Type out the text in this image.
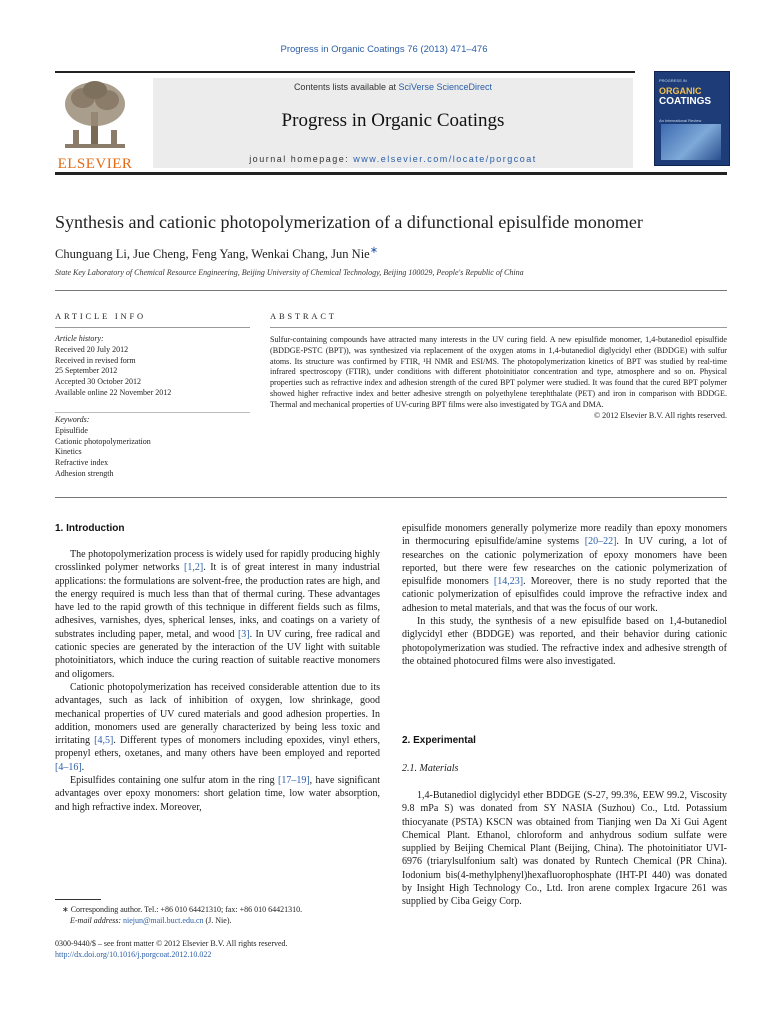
Progress in Organic Coatings 76 (2013) 471–476
ELSEVIER
Contents lists available at SciVerse ScienceDirect
Progress in Organic Coatings
journal homepage: www.elsevier.com/locate/porgcoat
PROGRESS IN
ORGANIC
COATINGS
An International Review
Synthesis and cationic photopolymerization of a difunctional episulfide monomer
Chunguang Li, Jue Cheng, Feng Yang, Wenkai Chang, Jun Nie∗
State Key Laboratory of Chemical Resource Engineering, Beijing University of Chemical Technology, Beijing 100029, People's Republic of China
ARTICLE INFO	ABSTRACT
Article history:
Received 20 July 2012
Received in revised form
25 September 2012
Accepted 30 October 2012
Available online 22 November 2012
Keywords:
Episulfide
Cationic photopolymerization
Kinetics
Refractive index
Adhesion strength
Sulfur-containing compounds have attracted many interests in the UV curing field. A new episulfide monomer, 1,4-butanediol episulfide (BDDGE-PSTC (BPT)), was synthesized via replacement of the oxygen atoms in 1,4-butanediol diglycidyl ether (BDDGE) with sulfur atoms. Its structure was confirmed by FTIR, ¹H NMR and ESI/MS. The photopolymerization kinetics of BPT was studied by real-time infrared spectroscopy (FTIR), under conditions with different photoinitiator concentration and type, atmosphere and so on. Physical properties such as refractive index and adhesion strength of the cured BPT polymer were studied. It was found that the cured BPT polymer showed higher refractive index and better adhesive strength on polyethylene terephthalate (PET) and iron in comparison with BDDGE. Thermal and mechanical properties of UV-curing BPT films were also investigated by TGA and DMA.
© 2012 Elsevier B.V. All rights reserved.
1. Introduction

The photopolymerization process is widely used for rapidly producing highly crosslinked polymer networks [1,2]. It is of great interest in many industrial applications: the formulations are solvent-free, the production rates are high, and the energy required is much less than that of thermal curing. These advantages have led to the rapid growth of this technique in different fields such as films, adhesives, varnishes, dyes, spherical lenses, inks, and coatings on a variety of substrates including paper, metal, and wood [3]. In UV curing, free radical and cationic species are generated by the interaction of the UV light with suitable photoinitiators, which induce the curing reaction of suitable reactive monomers and oligomers.

Cationic photopolymerization has received considerable attention due to its advantages, such as lack of inhibition of oxygen, low shrinkage, good mechanical properties of UV cured materials and good adhesion properties. In addition, monomers used are generally characterized by being less toxic and irritating [4,5]. Different types of monomers including epoxides, vinyl ethers, propenyl ethers, oxetanes, and many others have been employed and reported [4–16].

Episulfides containing one sulfur atom in the ring [17–19], have significant advantages over epoxy monomers: short gelation time, low water absorption, and high refractive index. Moreover,

episulfide monomers generally polymerize more readily than epoxy monomers in thermocuring episulfide/amine systems [20–22]. In UV curing, a lot of researches on the cationic polymerization of epoxy monomers have been reported, but there were few researches on the cationic polymerization of episulfide monomers [14,23]. Moreover, there is no study reported that the cationic polymerization of episulfides could improve the refractive index and adhesion to metal materials, and that was the focus of our work.

In this study, the synthesis of a new episulfide based on 1,4-butanediol diglycidyl ether (BDDGE) was reported, and their behavior during cationic photopolymerization was studied. The refractive index and adhesive strength of the obtained photocured films were also investigated.

2. Experimental
2.1. Materials

1,4-Butanediol diglycidyl ether BDDGE (S-27, 99.3%, EEW 99.2, Viscosity 9.8 mPa S) was donated from SY NASIA (Suzhou) Co., Ltd. Potassium thiocyanate (PSTA) KSCN was obtained from Tianjing wen Da Xi Gui Agent Chemical Plant. Ethanol, chloroform and anhydrous sodium sulfate were supplied by Beijing Chemical Plant (Beijing, China). The photoinitiator UVI-6976 (triarylsulfonium salt) was donated by Runtech Chemical (PR China). Iodonium bis(4-methylphenyl)hexafluorophosphate (IHT-PI 440) was donated by Insight High Technology Co., Ltd. Iron arene complex Irgacure 261 was supplied by Ciba Geigy Corp.

∗ Corresponding author. Tel.: +86 010 64421310; fax: +86 010 64421310.
E-mail address: niejun@mail.buct.edu.cn (J. Nie).
0300-9440/$ – see front matter © 2012 Elsevier B.V. All rights reserved.
http://dx.doi.org/10.1016/j.porgcoat.2012.10.022
